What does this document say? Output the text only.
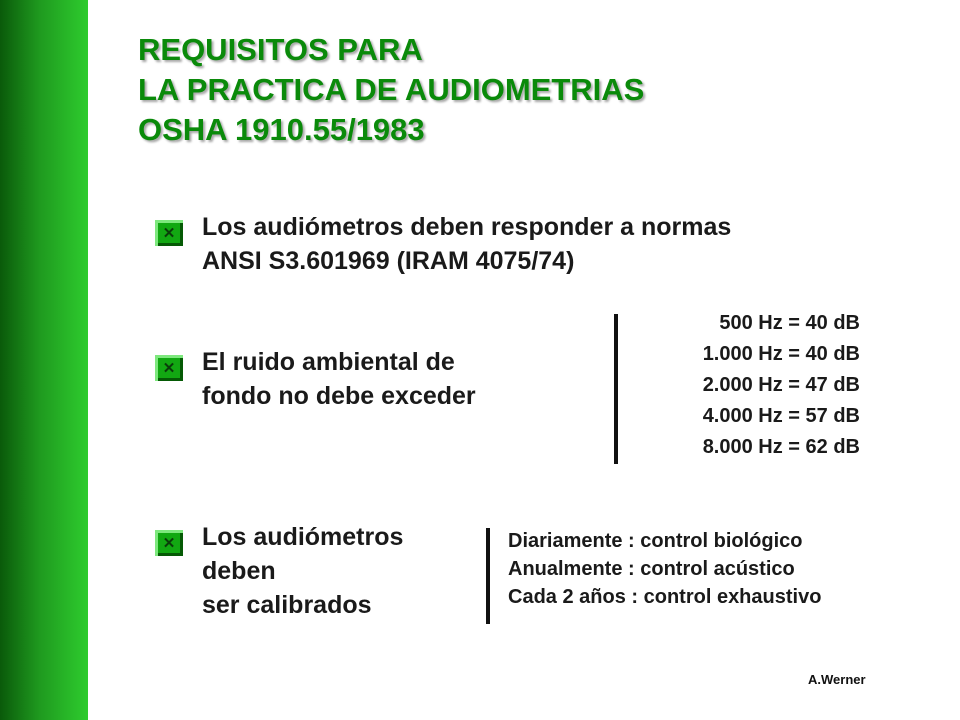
REQUISITOS PARA
LA PRACTICA DE AUDIOMETRIAS
OSHA 1910.55/1983
✕ Los audiómetros deben responder a normas
ANSI S3.601969 (IRAM 4075/74)
✕ El ruido ambiental de
fondo no debe exceder
500 Hz = 40 dB
1.000 Hz = 40 dB
2.000 Hz = 47 dB
4.000 Hz = 57 dB
8.000 Hz = 62 dB
✕ Los audiómetros
deben
ser calibrados
Diariamente : control biológico
Anualmente : control acústico
Cada 2 años : control exhaustivo
A.Werner
